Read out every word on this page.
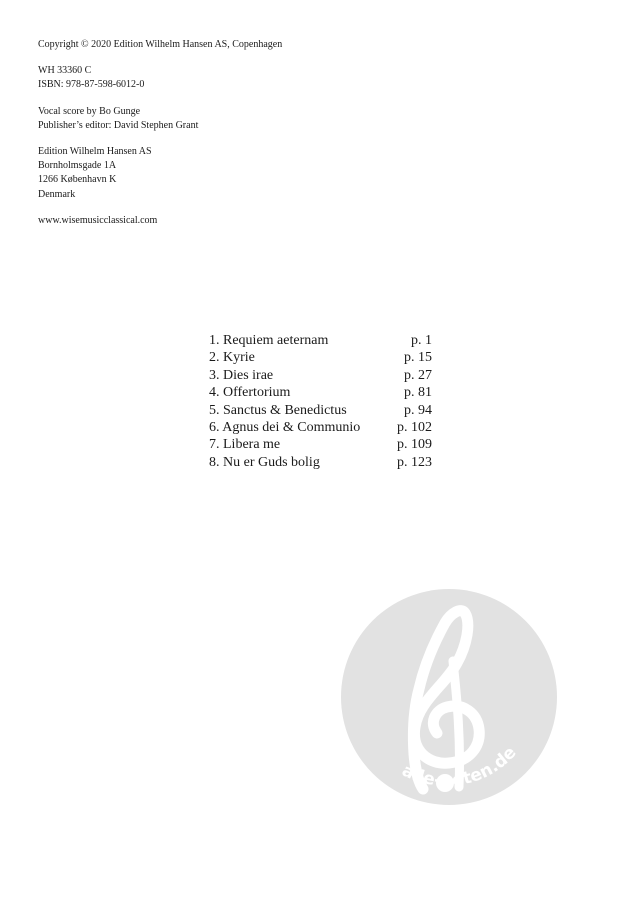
Copyright © 2020 Edition Wilhelm Hansen AS, Copenhagen
WH 33360 C
ISBN: 978-87-598-6012-0
Vocal score by Bo Gunge
Publisher’s editor: David Stephen Grant
Edition Wilhelm Hansen AS
Bornholmsgade 1A
1266 København K
Denmark
www.wisemusicclassical.com
1. Requiem aeternam	p. 1
2. Kyrie	p. 15
3. Dies irae	p. 27
4. Offertorium	p. 81
5. Sanctus & Benedictus	p. 94
6. Agnus dei & Communio	p. 102
7. Libera me	p. 109
8. Nu er Guds bolig	p. 123
alle-noten.de
